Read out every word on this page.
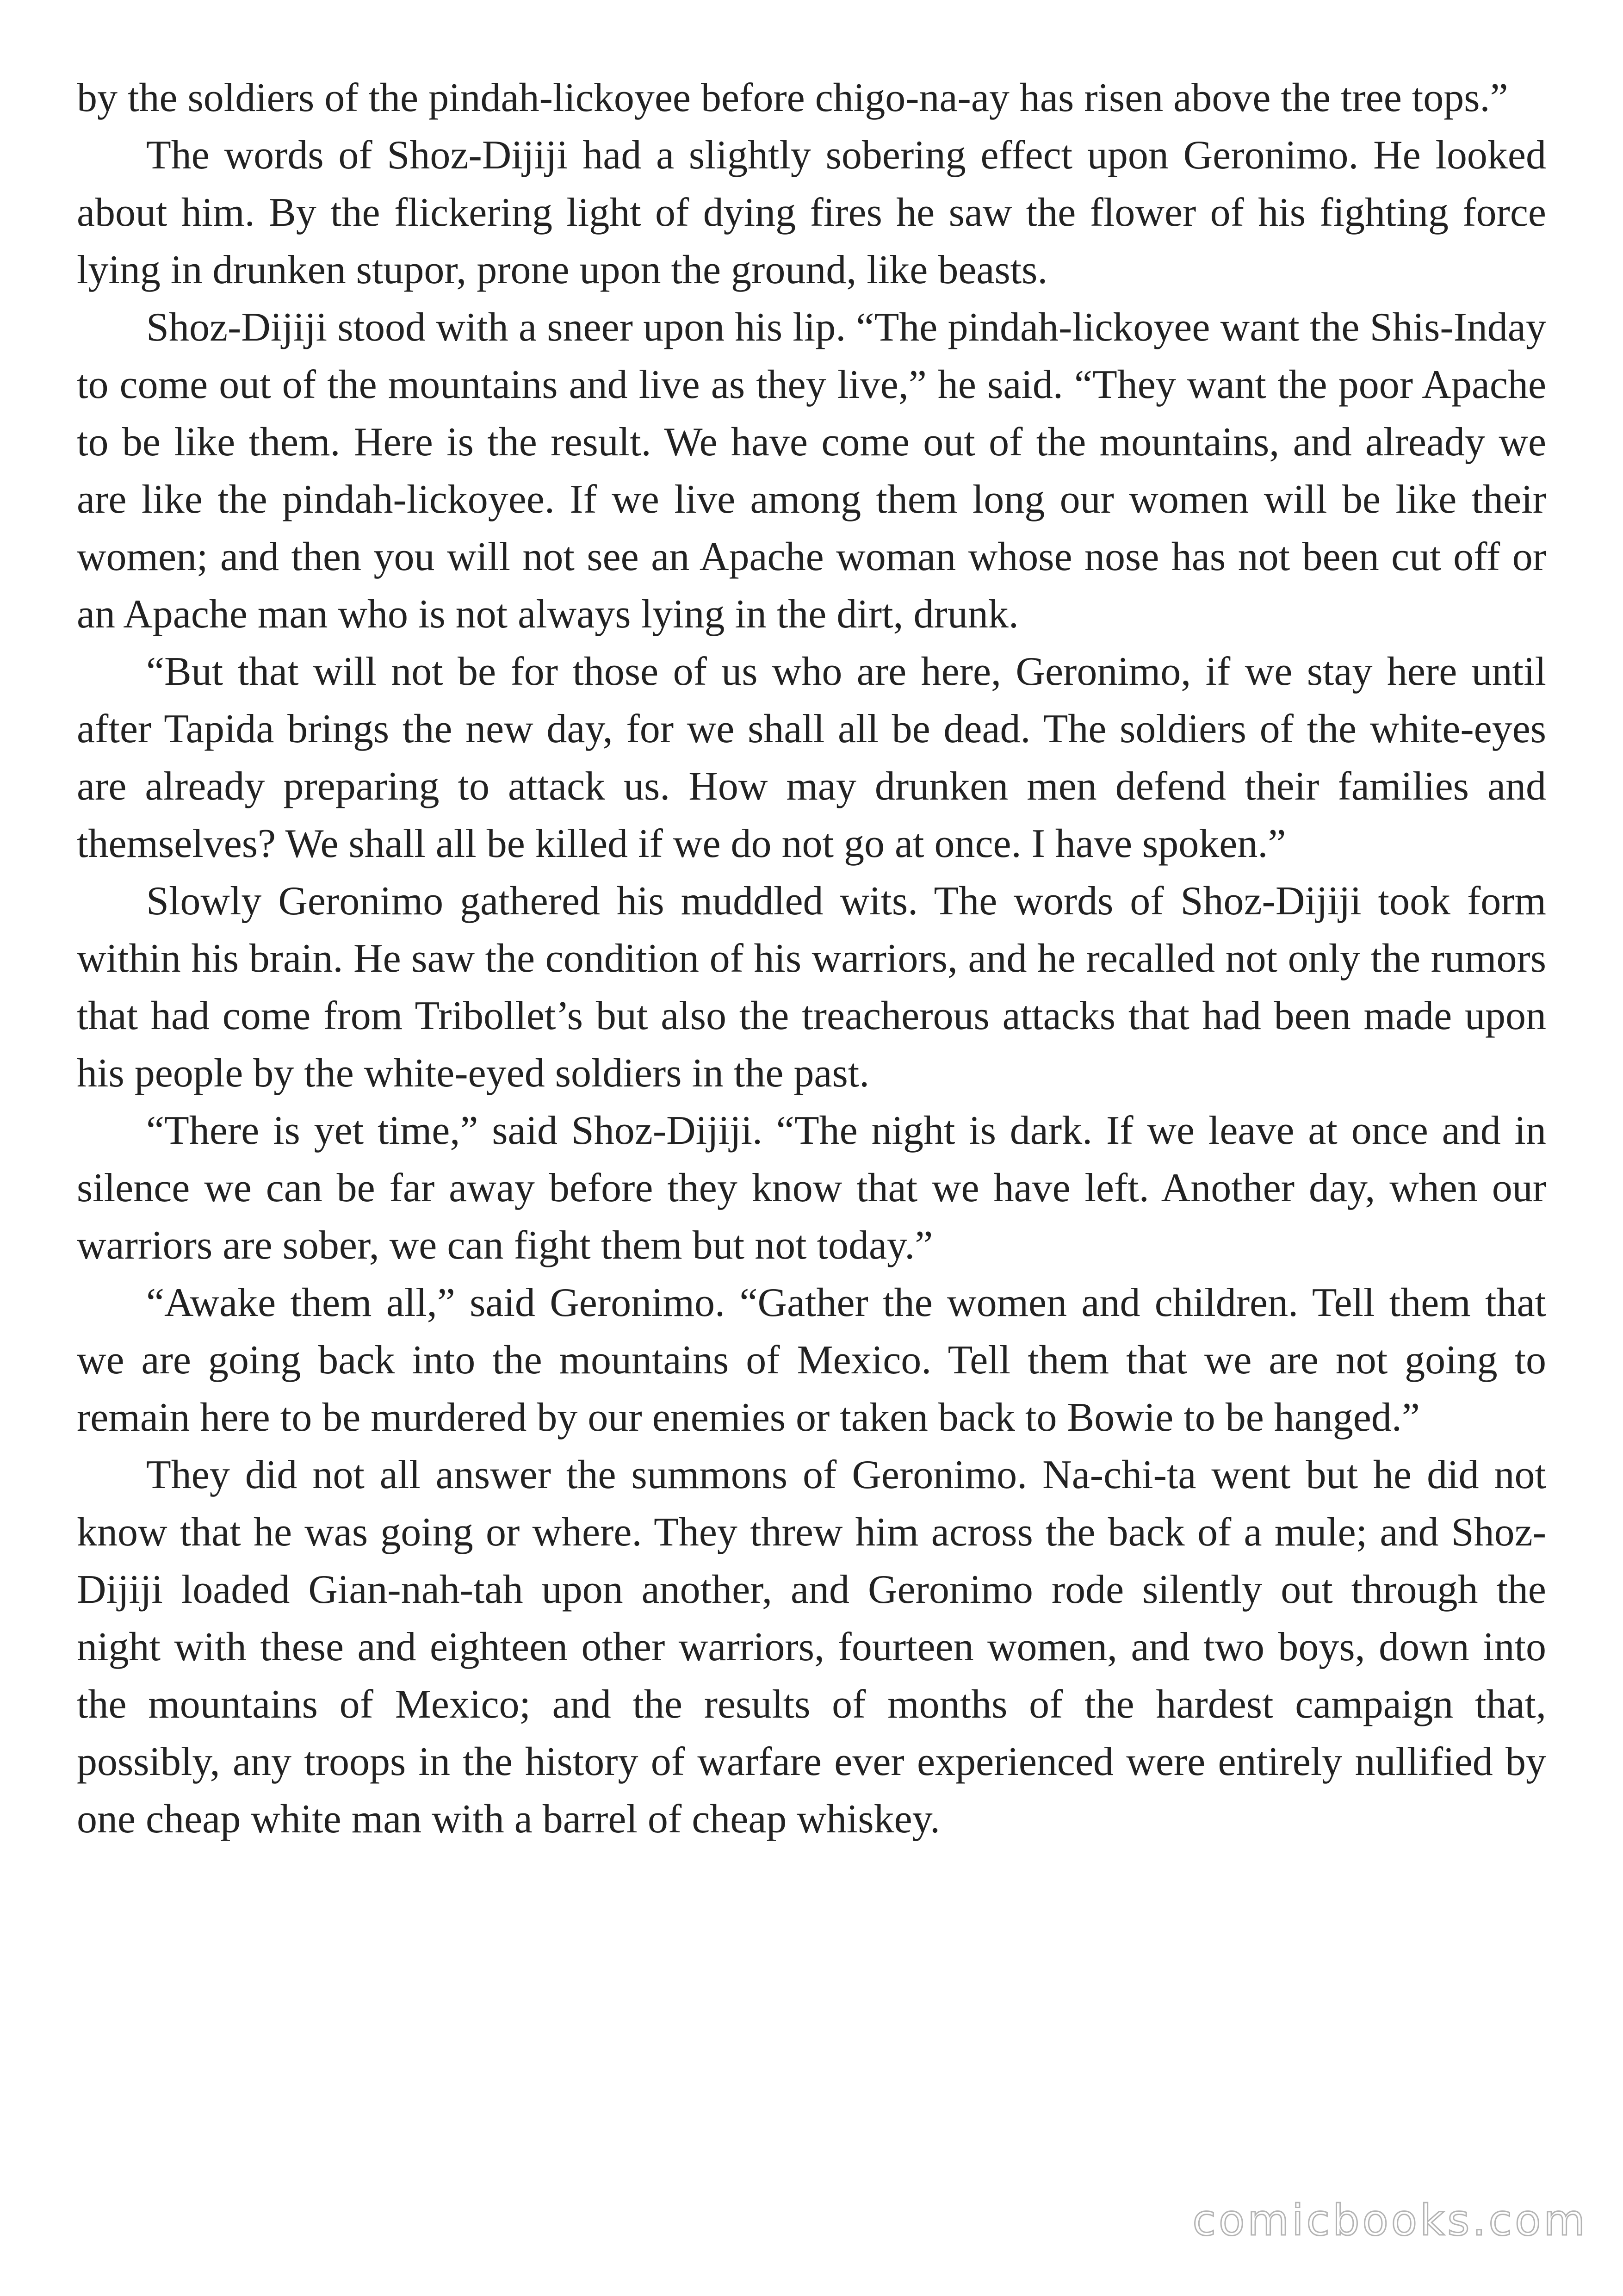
by the soldiers of the pindah-lickoyee before chigo-na-ay has risen above the tree tops.”

The words of Shoz-Dijiji had a slightly sobering effect upon Geronimo. He looked about him. By the flickering light of dying fires he saw the flower of his fighting force lying in drunken stupor, prone upon the ground, like beasts.

Shoz-Dijiji stood with a sneer upon his lip. “The pindah-lickoyee want the Shis-Inday to come out of the mountains and live as they live,” he said. “They want the poor Apache to be like them. Here is the result. We have come out of the mountains, and already we are like the pindah-lickoyee. If we live among them long our women will be like their women; and then you will not see an Apache woman whose nose has not been cut off or an Apache man who is not always lying in the dirt, drunk.

“But that will not be for those of us who are here, Geronimo, if we stay here until after Tapida brings the new day, for we shall all be dead. The soldiers of the white-eyes are already preparing to attack us. How may drunken men defend their families and themselves? We shall all be killed if we do not go at once. I have spoken.”

Slowly Geronimo gathered his muddled wits. The words of Shoz-Dijiji took form within his brain. He saw the condition of his warriors, and he recalled not only the rumors that had come from Tribollet’s but also the treacherous attacks that had been made upon his people by the white-eyed soldiers in the past.

“There is yet time,” said Shoz-Dijiji. “The night is dark. If we leave at once and in silence we can be far away before they know that we have left. Another day, when our warriors are sober, we can fight them but not today.”

“Awake them all,” said Geronimo. “Gather the women and children. Tell them that we are going back into the mountains of Mexico. Tell them that we are not going to remain here to be murdered by our enemies or taken back to Bowie to be hanged.”

They did not all answer the summons of Geronimo. Na-chi-ta went but he did not know that he was going or where. They threw him across the back of a mule; and Shoz-Dijiji loaded Gian-nah-tah upon another, and Geronimo rode silently out through the night with these and eighteen other warriors, fourteen women, and two boys, down into the mountains of Mexico; and the results of months of the hardest campaign that, possibly, any troops in the history of warfare ever experienced were entirely nullified by one cheap white man with a barrel of cheap whiskey.

comicbooks.com
